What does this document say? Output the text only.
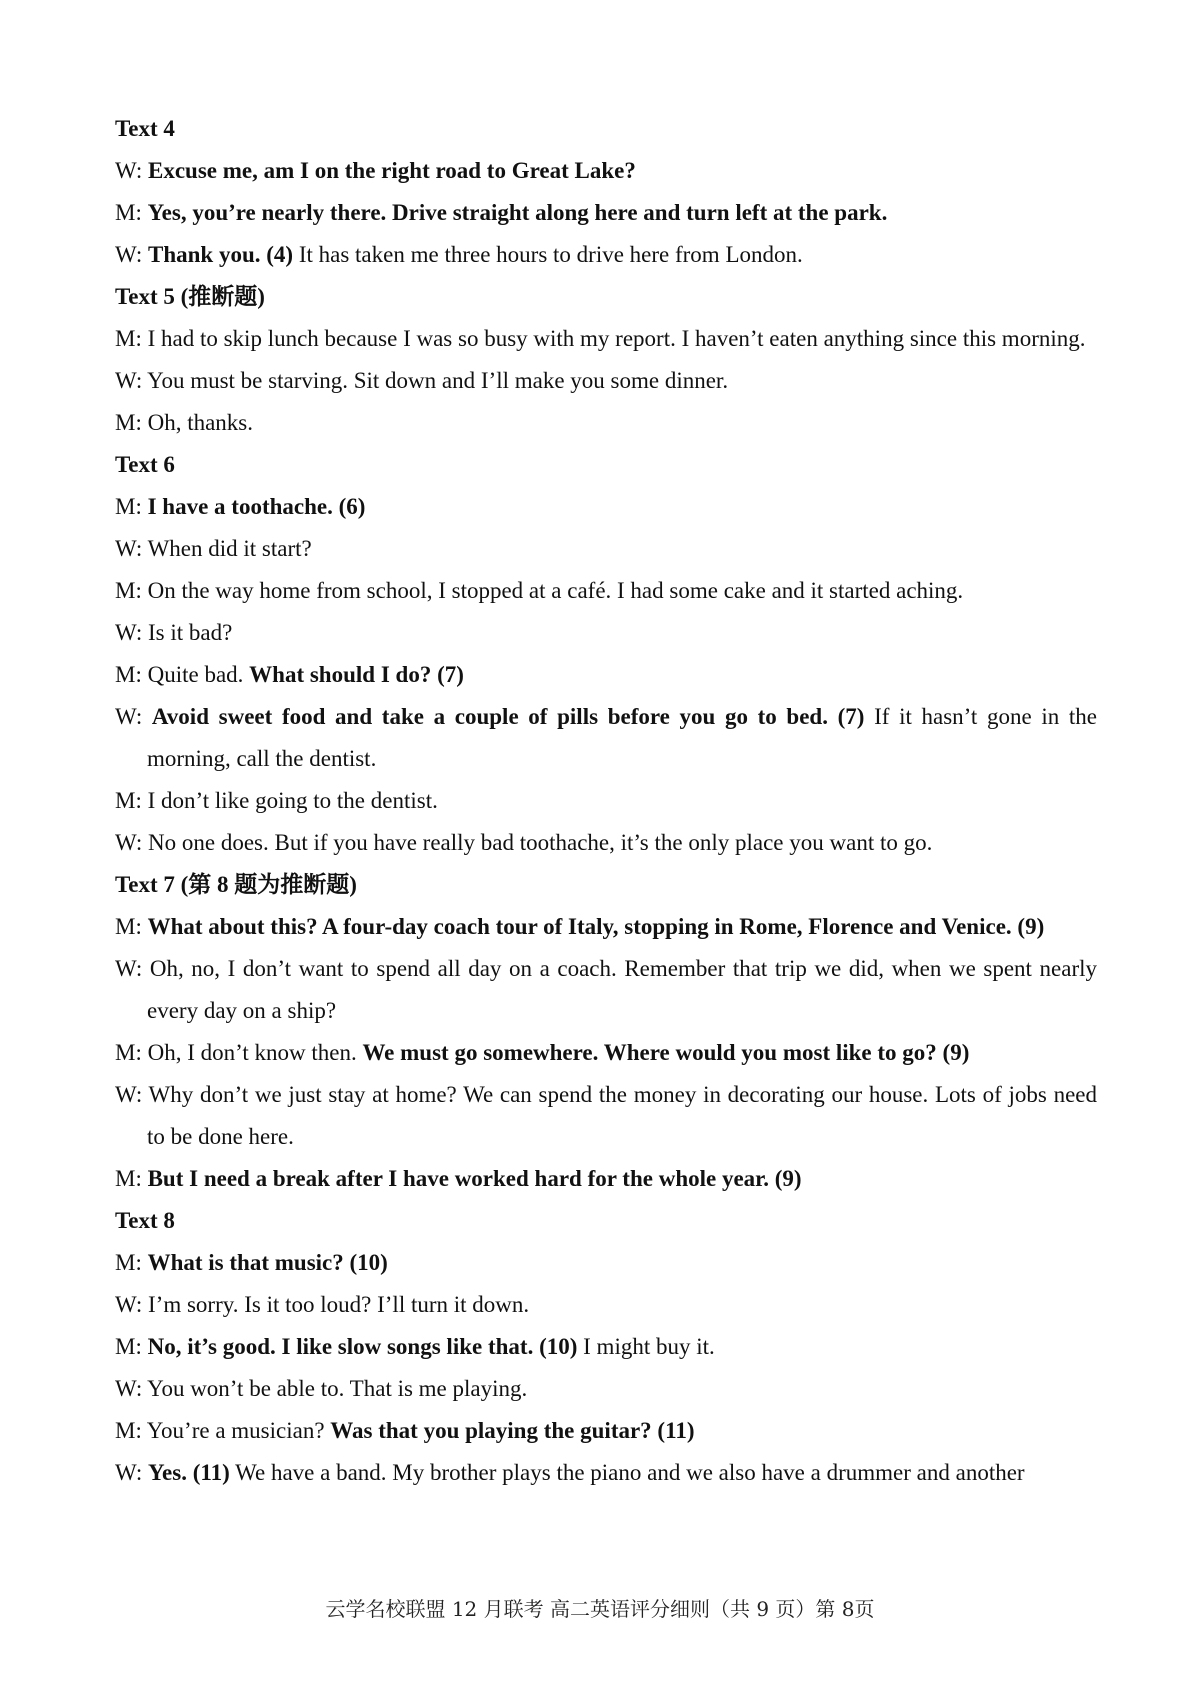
Text 4

W: Excuse me, am I on the right road to Great Lake?

M: Yes, you’re nearly there. Drive straight along here and turn left at the park.

W: Thank you. (4) It has taken me three hours to drive here from London.

Text 5 (推断题)

M: I had to skip lunch because I was so busy with my report. I haven’t eaten anything since this morning.

W: You must be starving. Sit down and I’ll make you some dinner.

M: Oh, thanks.

Text 6

M: I have a toothache. (6)

W: When did it start?

M: On the way home from school, I stopped at a café. I had some cake and it started aching.

W: Is it bad?

M: Quite bad. What should I do? (7)

W: Avoid sweet food and take a couple of pills before you go to bed. (7) If it hasn’t gone in the morning, call the dentist.

M: I don’t like going to the dentist.

W: No one does. But if you have really bad toothache, it’s the only place you want to go.

Text 7 (第 8 题为推断题)

M: What about this? A four-day coach tour of Italy, stopping in Rome, Florence and Venice. (9)

W: Oh, no, I don’t want to spend all day on a coach. Remember that trip we did, when we spent nearly every day on a ship?

M: Oh, I don’t know then. We must go somewhere. Where would you most like to go? (9)

W: Why don’t we just stay at home? We can spend the money in decorating our house. Lots of jobs need to be done here.

M: But I need a break after I have worked hard for the whole year. (9)

Text 8

M: What is that music? (10)

W: I’m sorry. Is it too loud? I’ll turn it down.

M: No, it’s good. I like slow songs like that. (10) I might buy it.

W: You won’t be able to. That is me playing.

M: You’re a musician? Was that you playing the guitar? (11)

W: Yes. (11) We have a band. My brother plays the piano and we also have a drummer and another

云学名校联盟 12 月联考 高二英语评分细则（共 9 页）第 8页
